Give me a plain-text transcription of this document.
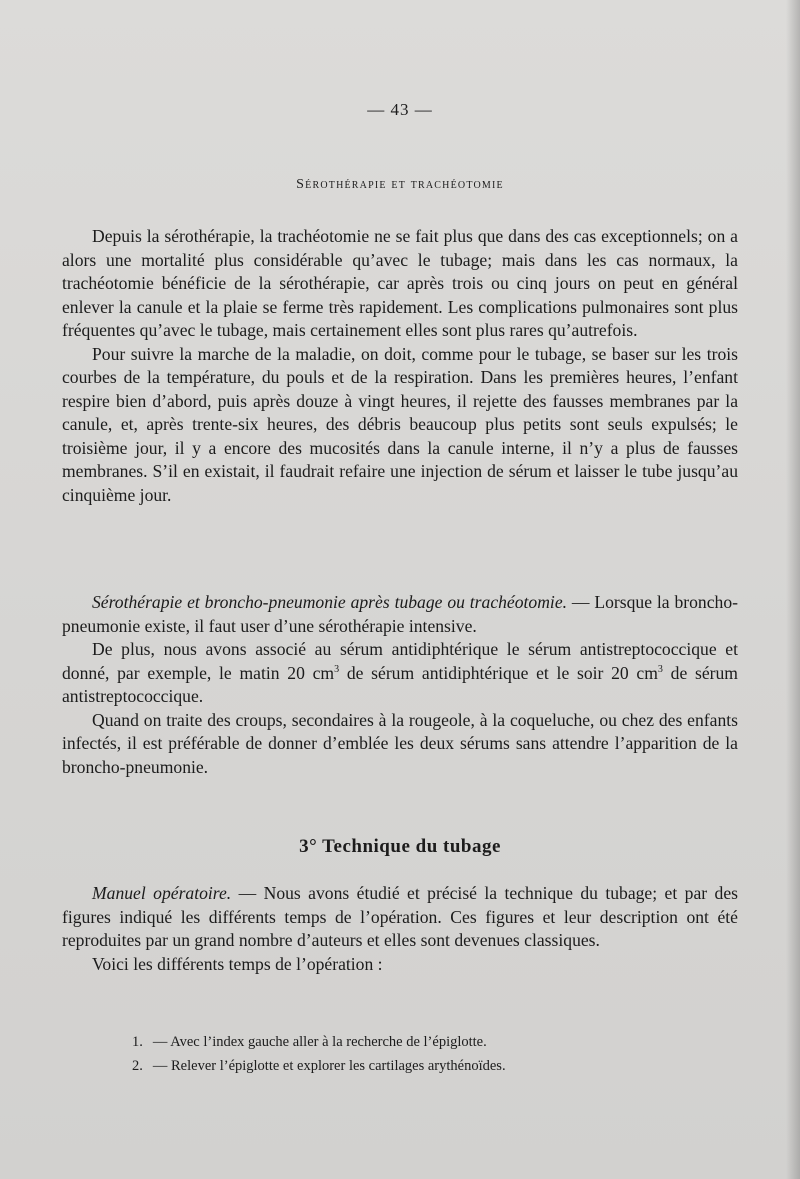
— 43 —
Sérothérapie et trachéotomie

Depuis la sérothérapie, la trachéotomie ne se fait plus que dans des cas exceptionnels; on a alors une mortalité plus considérable qu’avec le tubage; mais dans les cas normaux, la trachéotomie bénéficie de la sérothérapie, car après trois ou cinq jours on peut en général enlever la canule et la plaie se ferme très rapidement. Les complications pulmonaires sont plus fréquentes qu’avec le tubage, mais certainement elles sont plus rares qu’autrefois.

Pour suivre la marche de la maladie, on doit, comme pour le tubage, se baser sur les trois courbes de la température, du pouls et de la respiration. Dans les premières heures, l’enfant respire bien d’abord, puis après douze à vingt heures, il rejette des fausses membranes par la canule, et, après trente-six heures, des débris beaucoup plus petits sont seuls expulsés; le troisième jour, il y a encore des mucosités dans la canule interne, il n’y a plus de fausses membranes. S’il en existait, il faudrait refaire une injection de sérum et laisser le tube jusqu’au cinquième jour.

Sérothérapie et broncho-pneumonie après tubage ou trachéotomie. — Lorsque la broncho-pneumonie existe, il faut user d’une sérothérapie intensive.

De plus, nous avons associé au sérum antidiphtérique le sérum antistreptococcique et donné, par exemple, le matin 20 $cm^3$ de sérum antidiphtérique et le soir 20 $cm^3$ de sérum antistreptococcique.

Quand on traite des croups, secondaires à la rougeole, à la coqueluche, ou chez des enfants infectés, il est préférable de donner d’emblée les deux sérums sans attendre l’apparition de la broncho-pneumonie.

3° Technique du tubage

Manuel opératoire. — Nous avons étudié et précisé la technique du tubage; et par des figures indiqué les différents temps de l’opération. Ces figures et leur description ont été reproduites par un grand nombre d’auteurs et elles sont devenues classiques.

Voici les différents temps de l’opération :

1. — Avec l’index gauche aller à la recherche de l’épiglotte.
2. — Relever l’épiglotte et explorer les cartilages arythénoïdes.
